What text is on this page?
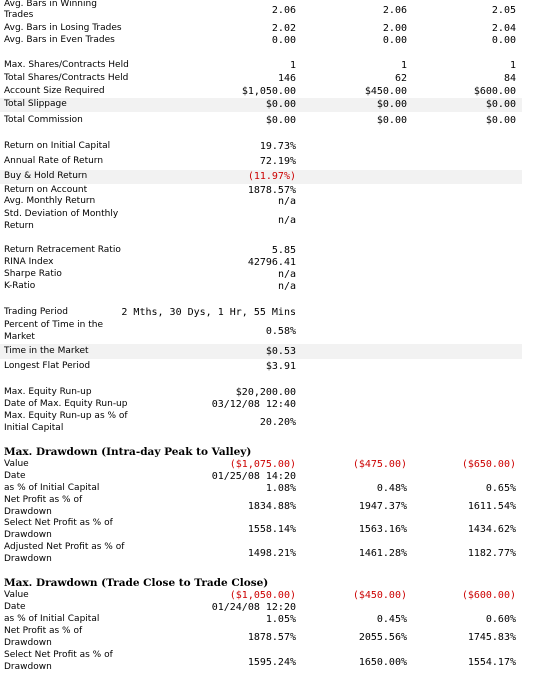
Avg. Bars in Winning
Trades	2.06	2.06	2.05
Avg. Bars in Losing Trades	2.02	2.00	2.04
Avg. Bars in Even Trades	0.00	0.00	0.00
Max. Shares/Contracts Held	1	1	1
Total Shares/Contracts Held	146	62	84
Account Size Required	$1,050.00	$450.00	$600.00
Total Slippage	$0.00	$0.00	$0.00
Total Commission	$0.00	$0.00	$0.00
Return on Initial Capital	19.73%
Annual Rate of Return	72.19%
Buy & Hold Return	(11.97%)
Return on Account	1878.57%
Avg. Monthly Return	n/a
Std. Deviation of Monthly
Return	n/a
Return Retracement Ratio	5.85
RINA Index	42796.41
Sharpe Ratio	n/a
K-Ratio	n/a
Trading Period	2 Mths, 30 Dys, 1 Hr, 55 Mins
Percent of Time in the
Market	0.58%
Time in the Market	$0.53
Longest Flat Period	$3.91
Max. Equity Run-up	$20,200.00
Date of Max. Equity Run-up	03/12/08 12:40
Max. Equity Run-up as % of
Initial Capital	20.20%
Max. Drawdown (Intra-day Peak to Valley)
Value	($1,075.00)	($475.00)	($650.00)
Date	01/25/08 14:20
as % of Initial Capital	1.08%	0.48%	0.65%
Net Profit as % of
Drawdown	1834.88%	1947.37%	1611.54%
Select Net Profit as % of
Drawdown	1558.14%	1563.16%	1434.62%
Adjusted Net Profit as % of
Drawdown	1498.21%	1461.28%	1182.77%
Max. Drawdown (Trade Close to Trade Close)
Value	($1,050.00)	($450.00)	($600.00)
Date	01/24/08 12:20
as % of Initial Capital	1.05%	0.45%	0.60%
Net Profit as % of
Drawdown	1878.57%	2055.56%	1745.83%
Select Net Profit as % of
Drawdown	1595.24%	1650.00%	1554.17%
